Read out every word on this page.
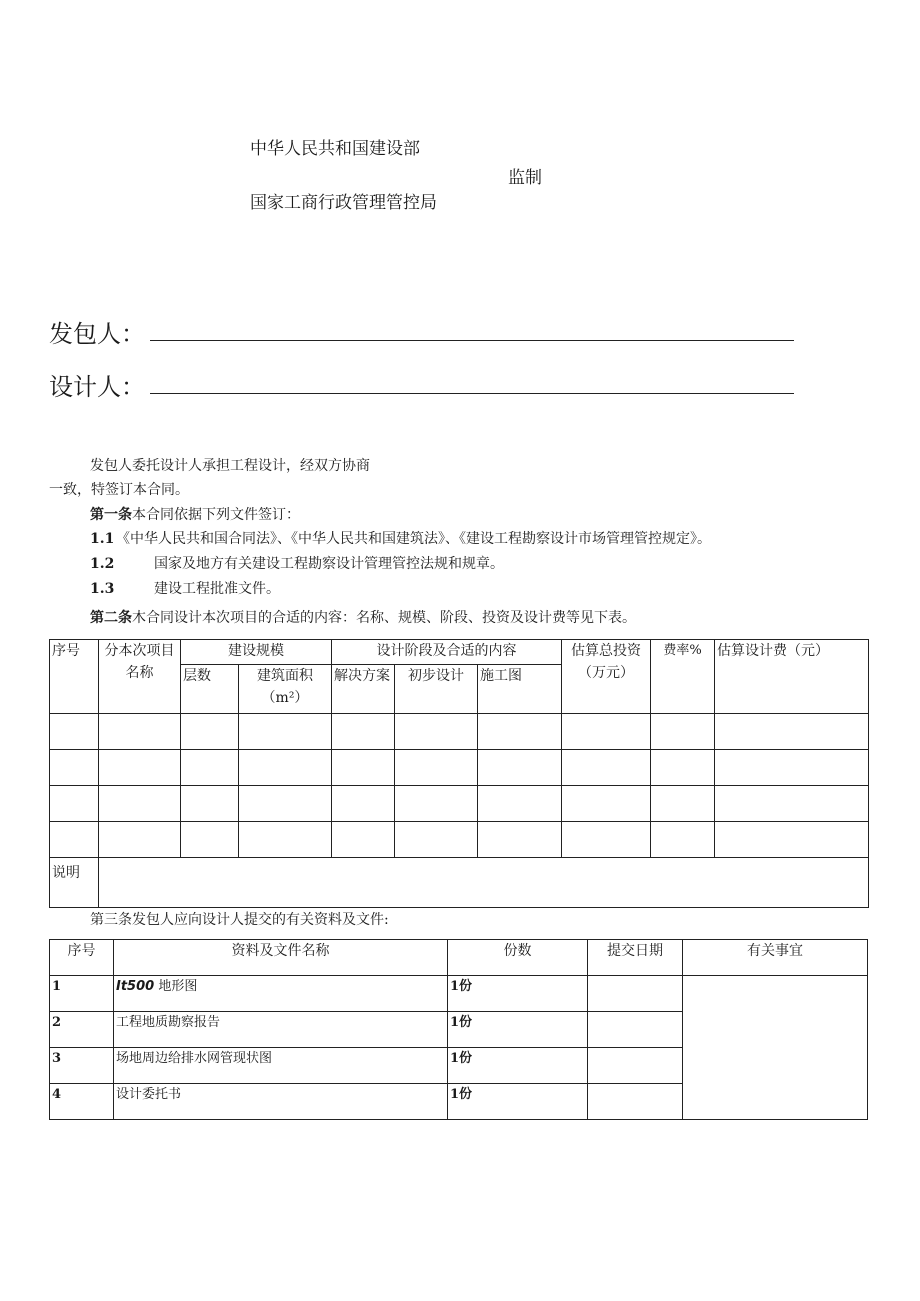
中华人民共和国建设部
监制
国家工商行政管理管控局
发包人：
设计人：
发包人委托设计人承担工程设计，经双方协商
一致，特签订本合同。
第一条本合同依据下列文件签订：
1.1 《中华人民共和国合同法》、《中华人民共和国建筑法》、《建设工程勘察设计市场管理管控规定》。
1.2	国家及地方有关建设工程勘察设计管理管控法规和规章。
1.3	建设工程批准文件。
第二条木合同设计本次项目的合适的内容：名称、规模、阶段、投资及设计费等见下表。
序号	分本次项目名称	建设规模		设计阶段及合适的内容			估算总投资（万元）	费率%	估算设计费（元）
		层数	建筑面积（m²）	解决方案	初步设计	施工图			

说明									
第三条发包人应向设计人提交的有关资料及文件:
序号	资料及文件名称	份数	提交日期	有关事宜
1	It500 地形图	1份		
2	工程地质勘察报告	1份		
3	场地周边给排水网管现状图	1份		
4	设计委托书	1份		
